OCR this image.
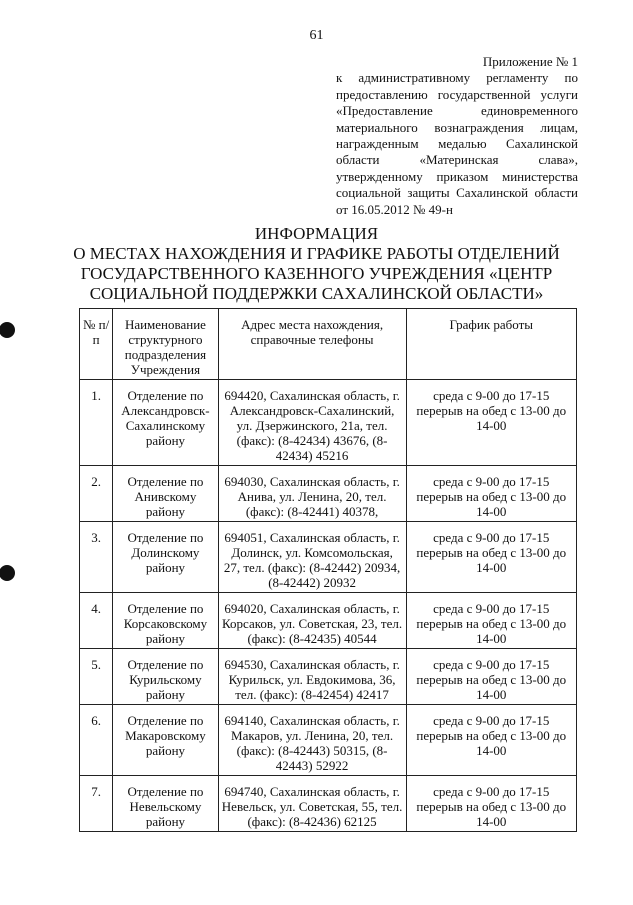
61
Приложение № 1
к административному регламенту по предоставлению государственной услуги «Предоставление единовременного материального вознаграждения лицам, награжденным медалью Сахалинской области «Материнская слава», утвержденному приказом министерства социальной защиты Сахалинской области от 16.05.2012 № 49-н
ИНФОРМАЦИЯ
О МЕСТАХ НАХОЖДЕНИЯ И ГРАФИКЕ РАБОТЫ ОТДЕЛЕНИЙ
ГОСУДАРСТВЕННОГО КАЗЕННОГО УЧРЕЖДЕНИЯ «ЦЕНТР
СОЦИАЛЬНОЙ ПОДДЕРЖКИ САХАЛИНСКОЙ ОБЛАСТИ»
№ п/п	Наименование структурного подразделения Учреждения	Адрес места нахождения, справочные телефоны	График работы
1.	Отделение по Александровск-Сахалинскому району	694420, Сахалинская область, г. Александровск-Сахалинский, ул. Дзержинского, 21а, тел. (факс): (8-42434) 43676, (8-42434) 45216	среда с 9-00 до 17-15 перерыв на обед с 13-00 до 14-00
2.	Отделение по Анивскому району	694030, Сахалинская область, г. Анива, ул. Ленина, 20, тел. (факс): (8-42441) 40378,	среда с 9-00 до 17-15 перерыв на обед с 13-00 до 14-00
3.	Отделение по Долинскому району	694051, Сахалинская область, г. Долинск, ул. Комсомольская, 27, тел. (факс): (8-42442) 20934, (8-42442) 20932	среда с 9-00 до 17-15 перерыв на обед с 13-00 до 14-00
4.	Отделение по Корсаковскому району	694020, Сахалинская область, г. Корсаков, ул. Советская, 23, тел. (факс): (8-42435) 40544	среда с 9-00 до 17-15 перерыв на обед с 13-00 до 14-00
5.	Отделение по Курильскому району	694530, Сахалинская область, г. Курильск, ул. Евдокимова, 36, тел. (факс): (8-42454) 42417	среда с 9-00 до 17-15 перерыв на обед с 13-00 до 14-00
6.	Отделение по Макаровскому району	694140, Сахалинская область, г. Макаров, ул. Ленина, 20, тел. (факс): (8-42443) 50315, (8-42443) 52922	среда с 9-00 до 17-15 перерыв на обед с 13-00 до 14-00
7.	Отделение по Невельскому району	694740, Сахалинская область, г. Невельск, ул. Советская, 55, тел. (факс): (8-42436) 62125	среда с 9-00 до 17-15 перерыв на обед с 13-00 до 14-00
